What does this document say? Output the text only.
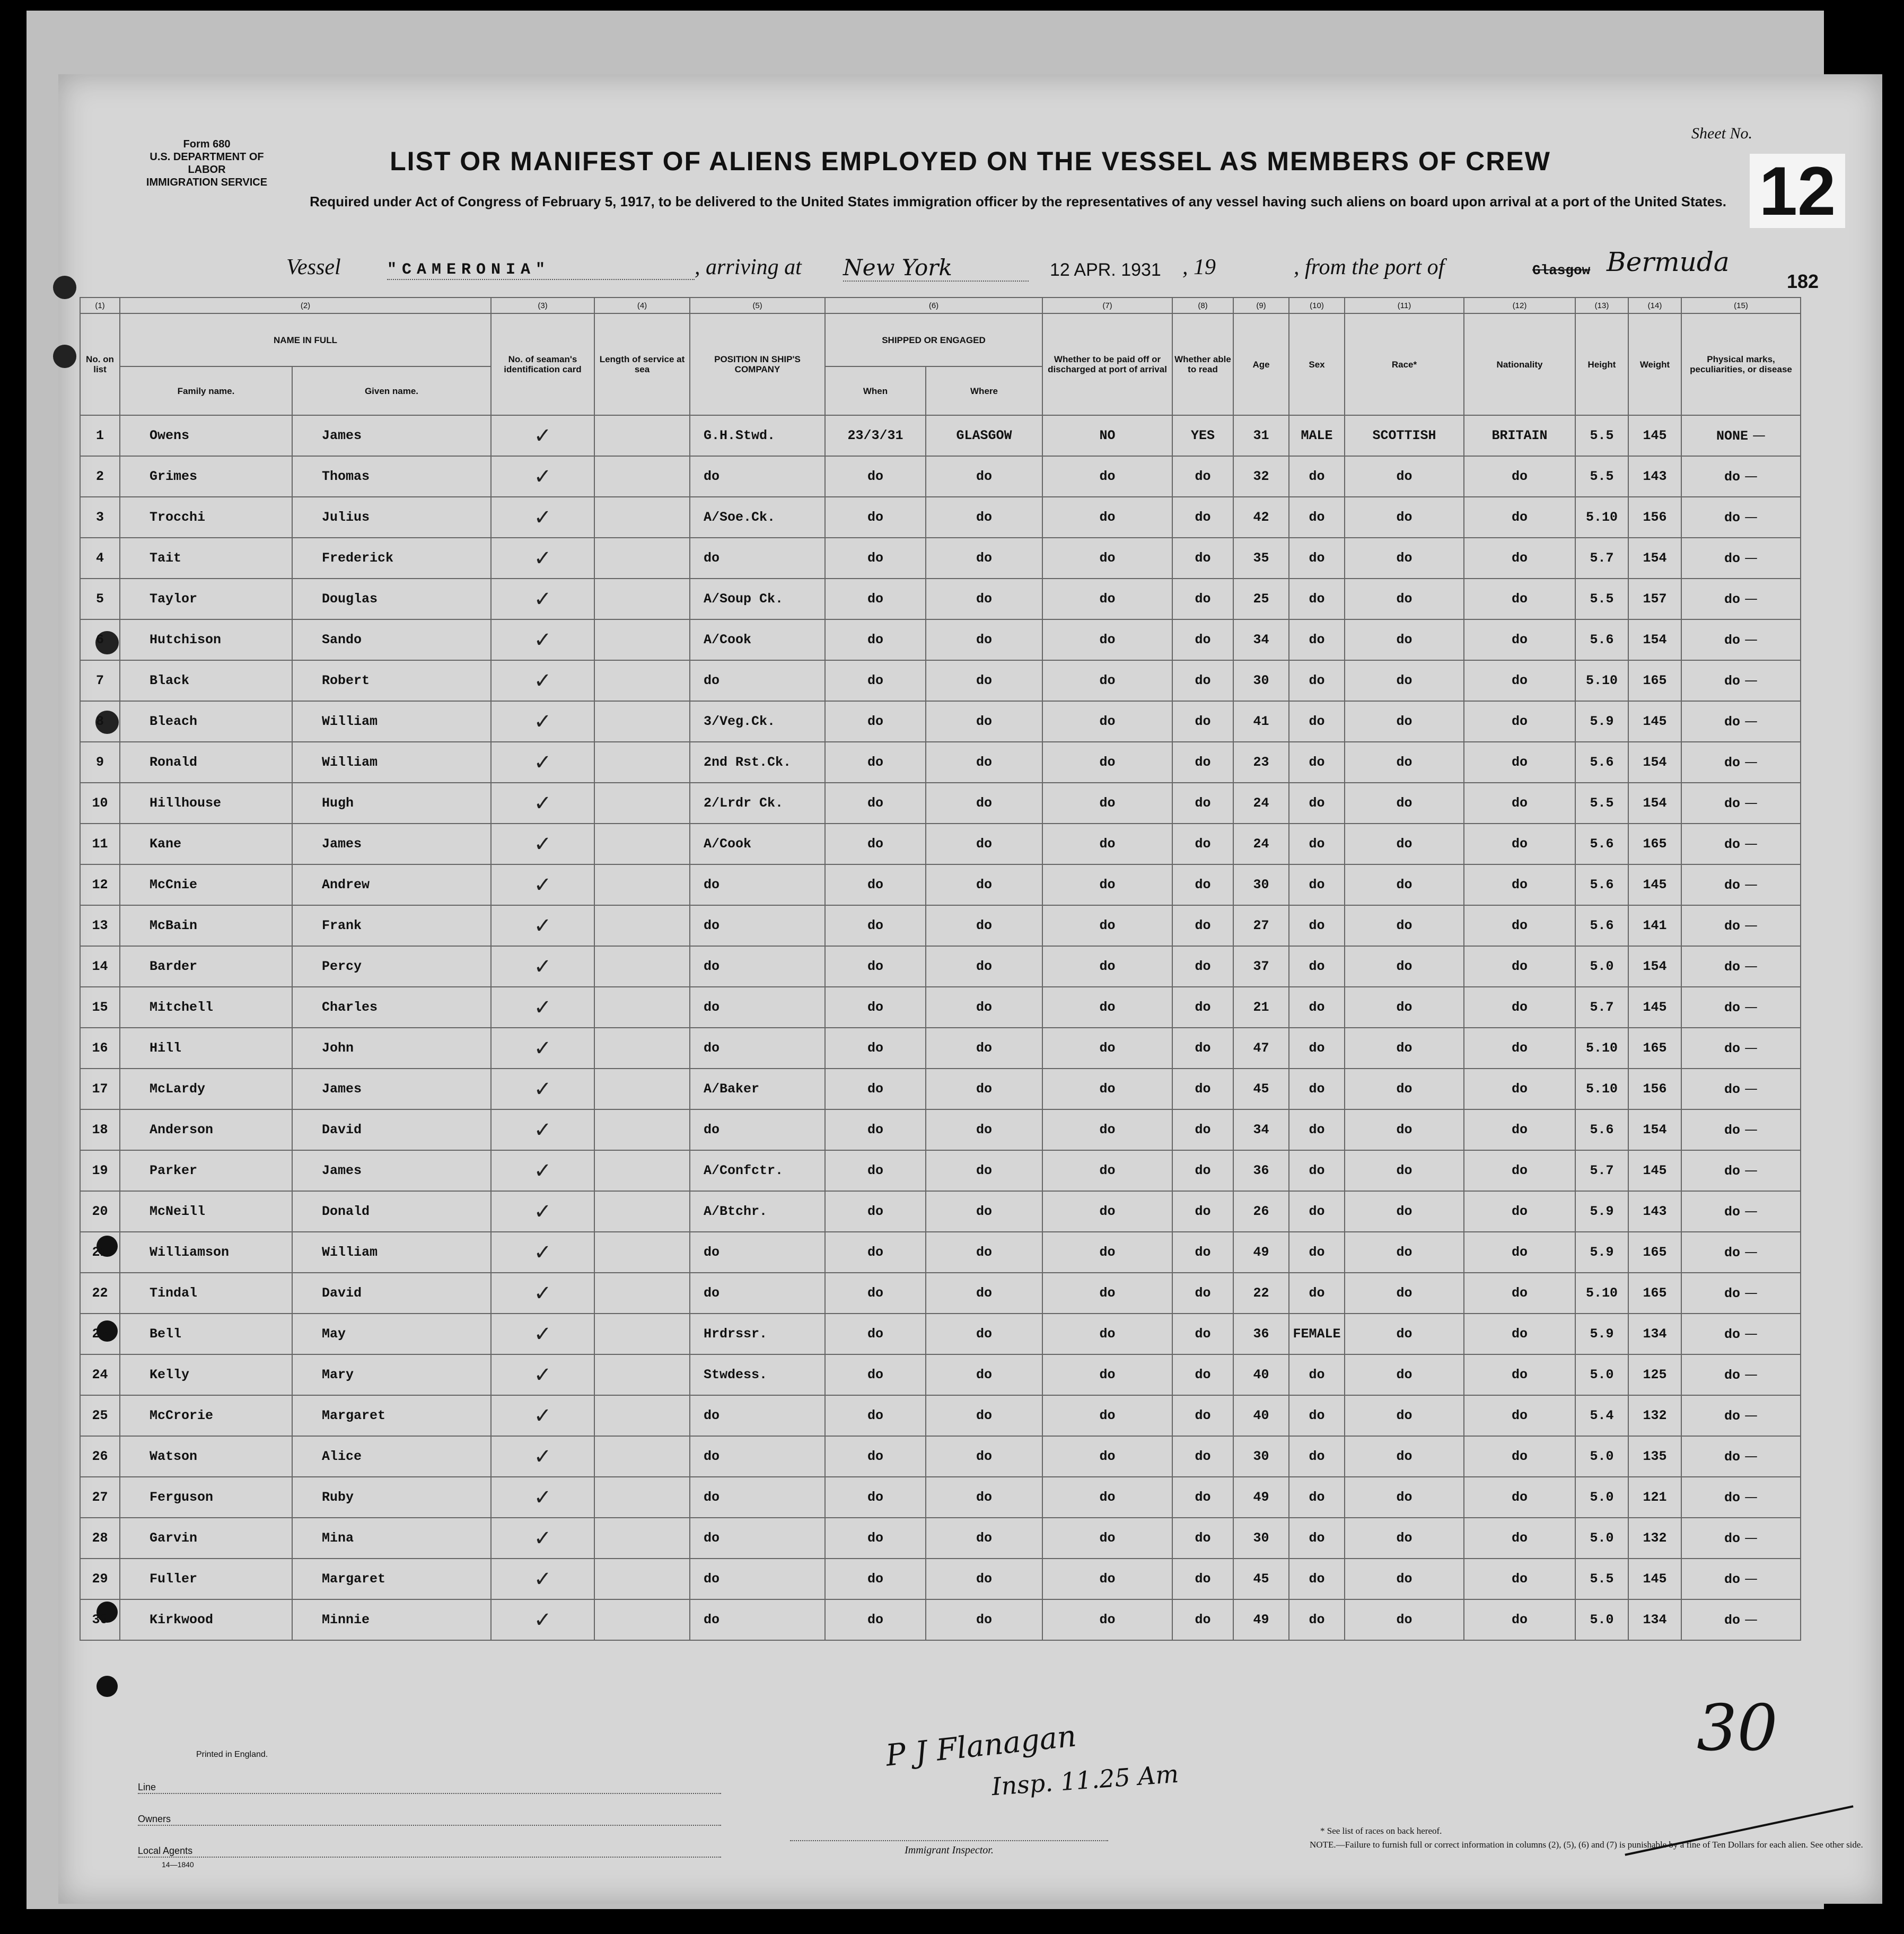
Form 680
U.S. DEPARTMENT OF LABOR
IMMIGRATION SERVICE
LIST OR MANIFEST OF ALIENS EMPLOYED ON THE VESSEL AS MEMBERS OF CREW
Required under Act of Congress of February 5, 1917, to be delivered to the United States immigration officer by the representatives of any vessel having such aliens on board upon arrival at a port of the United States.
Sheet No.
12
Vessel	"CAMERONIA"	, arriving at New York	12 APR. 1931 , 19	, from the port of	Glasgow Bermuda
182
(1)	(2)		(3)	(4)	(5)	(6)		(7)	(8)	(9)	(10)	(11)	(12)	(13)	(14)	(15)
No. on list	NAME IN FULL		No. of seaman's identification card	Length of service at sea	POSITION IN SHIP'S COMPANY	SHIPPED OR ENGAGED		Whether to be paid off or discharged at port of arrival	Whether able to read	Age	Sex	Race*	Nationality	Height	Weight	Physical marks, peculiarities, or disease
	Family name.	Given name.				When	Where									
1	Owens	James	✓		G.H.Stwd.	23/3/31	GLASGOW	NO	YES	31	MALE	SCOTTISH	BRITAIN	5.5	145	NONE —
2	Grimes	Thomas	✓		do	do	do	do	do	32	do	do	do	5.5	143	do —
3	Trocchi	Julius	✓		A/Soe.Ck.	do	do	do	do	42	do	do	do	5.10	156	do —
4	Tait	Frederick	✓		do	do	do	do	do	35	do	do	do	5.7	154	do —
5	Taylor	Douglas	✓		A/Soup Ck.	do	do	do	do	25	do	do	do	5.5	157	do —
6	Hutchison	Sando	✓		A/Cook	do	do	do	do	34	do	do	do	5.6	154	do —
7	Black	Robert	✓		do	do	do	do	do	30	do	do	do	5.10	165	do —
8	Bleach	William	✓		3/Veg.Ck.	do	do	do	do	41	do	do	do	5.9	145	do —
9	Ronald	William	✓		2nd Rst.Ck.	do	do	do	do	23	do	do	do	5.6	154	do —
10	Hillhouse	Hugh	✓		2/Lrdr Ck.	do	do	do	do	24	do	do	do	5.5	154	do —
11	Kane	James	✓		A/Cook	do	do	do	do	24	do	do	do	5.6	165	do —
12	McCnie	Andrew	✓		do	do	do	do	do	30	do	do	do	5.6	145	do —
13	McBain	Frank	✓		do	do	do	do	do	27	do	do	do	5.6	141	do —
14	Barder	Percy	✓		do	do	do	do	do	37	do	do	do	5.0	154	do —
15	Mitchell	Charles	✓		do	do	do	do	do	21	do	do	do	5.7	145	do —
16	Hill	John	✓		do	do	do	do	do	47	do	do	do	5.10	165	do —
17	McLardy	James	✓		A/Baker	do	do	do	do	45	do	do	do	5.10	156	do —
18	Anderson	David	✓		do	do	do	do	do	34	do	do	do	5.6	154	do —
19	Parker	James	✓		A/Confctr.	do	do	do	do	36	do	do	do	5.7	145	do —
20	McNeill	Donald	✓		A/Btchr.	do	do	do	do	26	do	do	do	5.9	143	do —
21	Williamson	William	✓		do	do	do	do	do	49	do	do	do	5.9	165	do —
22	Tindal	David	✓		do	do	do	do	do	22	do	do	do	5.10	165	do —
23	Bell	May	✓		Hrdrssr.	do	do	do	do	36	FEMALE	do	do	5.9	134	do —
24	Kelly	Mary	✓		Stwdess.	do	do	do	do	40	do	do	do	5.0	125	do —
25	McCrorie	Margaret	✓		do	do	do	do	do	40	do	do	do	5.4	132	do —
26	Watson	Alice	✓		do	do	do	do	do	30	do	do	do	5.0	135	do —
27	Ferguson	Ruby	✓		do	do	do	do	do	49	do	do	do	5.0	121	do —
28	Garvin	Mina	✓		do	do	do	do	do	30	do	do	do	5.0	132	do —
29	Fuller	Margaret	✓		do	do	do	do	do	45	do	do	do	5.5	145	do —
30	Kirkwood	Minnie	✓		do	do	do	do	do	49	do	do	do	5.0	134	do —
30
P J Flanagan
Insp. 11.25 Am
Printed in England.
Line
Owners
Local Agents
14—1840
Immigrant Inspector.
* See list of races on back hereof.
NOTE.—Failure to furnish full or correct information in columns (2), (5), (6) and (7) is punishable by a fine of Ten Dollars for each alien. See other side.
